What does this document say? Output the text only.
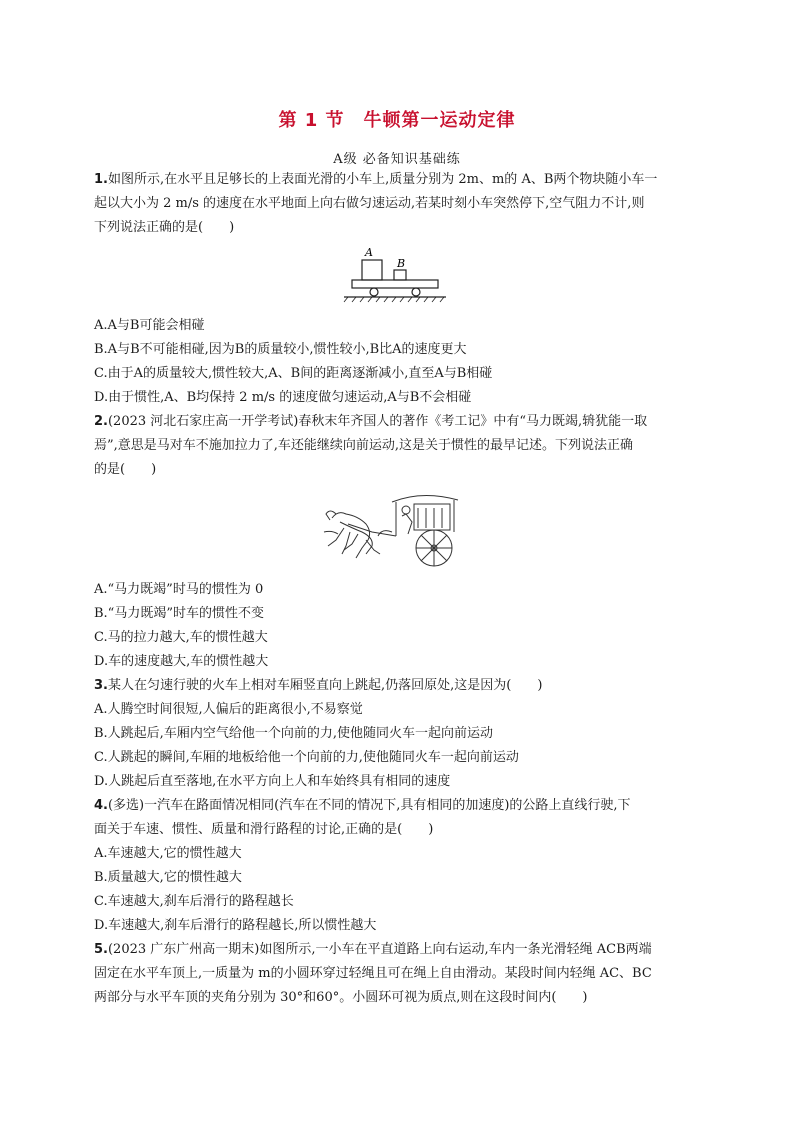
第 1 节　牛顿第一运动定律
A级 必备知识基础练
1.如图所示,在水平且足够长的上表面光滑的小车上,质量分别为 2m、m的 A、B两个物块随小车一
起以大小为 2 m/s 的速度在水平地面上向右做匀速运动,若某时刻小车突然停下,空气阻力不计,则
下列说法正确的是(　　)
A
B
A.A与B可能会相碰
B.A与B不可能相碰,因为B的质量较小,惯性较小,B比A的速度更大
C.由于A的质量较大,惯性较大,A、B间的距离逐渐减小,直至A与B相碰
D.由于惯性,A、B均保持 2 m/s 的速度做匀速运动,A与B不会相碰
2.(2023 河北石家庄高一开学考试)春秋末年齐国人的著作《考工记》中有“马力既竭,辀犹能一取
焉”,意思是马对车不施加拉力了,车还能继续向前运动,这是关于惯性的最早记述。下列说法正确
的是(　　)
A.“马力既竭”时马的惯性为 0
B.“马力既竭”时车的惯性不变
C.马的拉力越大,车的惯性越大
D.车的速度越大,车的惯性越大
3.某人在匀速行驶的火车上相对车厢竖直向上跳起,仍落回原处,这是因为(　　)
A.人腾空时间很短,人偏后的距离很小,不易察觉
B.人跳起后,车厢内空气给他一个向前的力,使他随同火车一起向前运动
C.人跳起的瞬间,车厢的地板给他一个向前的力,使他随同火车一起向前运动
D.人跳起后直至落地,在水平方向上人和车始终具有相同的速度
4.(多选)一汽车在路面情况相同(汽车在不同的情况下,具有相同的加速度)的公路上直线行驶,下
面关于车速、惯性、质量和滑行路程的讨论,正确的是(　　)
A.车速越大,它的惯性越大
B.质量越大,它的惯性越大
C.车速越大,刹车后滑行的路程越长
D.车速越大,刹车后滑行的路程越长,所以惯性越大
5.(2023 广东广州高一期末)如图所示,一小车在平直道路上向右运动,车内一条光滑轻绳 ACB两端
固定在水平车顶上,一质量为 m的小圆环穿过轻绳且可在绳上自由滑动。某段时间内轻绳 AC、BC
两部分与水平车顶的夹角分别为 30°和60°。小圆环可视为质点,则在这段时间内(　　)
